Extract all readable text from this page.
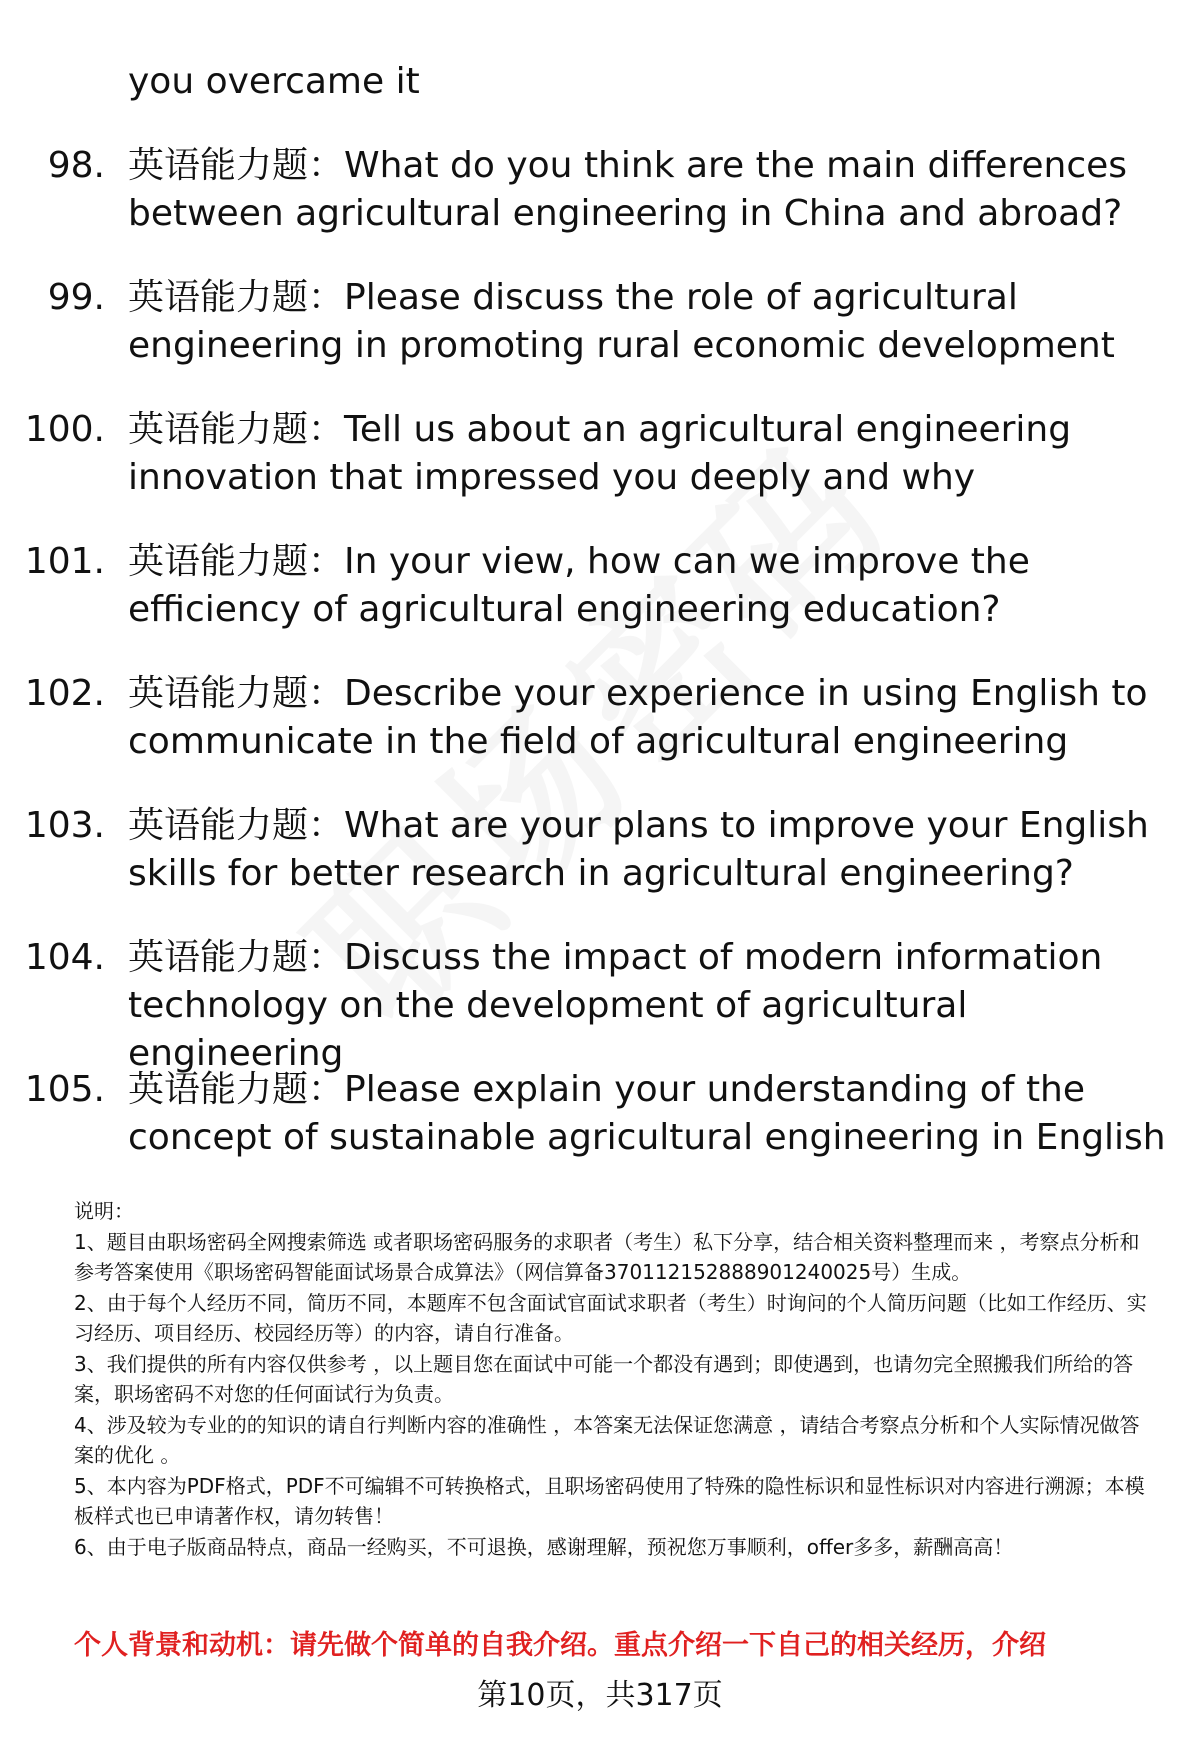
you overcame it
98. 英语能力题：What do you think are the main differences between agricultural engineering in China and abroad?
99. 英语能力题：Please discuss the role of agricultural engineering in promoting rural economic development
100. 英语能力题：Tell us about an agricultural engineering innovation that impressed you deeply and why
101. 英语能力题：In your view, how can we improve the efficiency of agricultural engineering education?
102. 英语能力题：Describe your experience in using English to communicate in the field of agricultural engineering
103. 英语能力题：What are your plans to improve your English skills for better research in agricultural engineering?
104. 英语能力题：Discuss the impact of modern information technology on the development of agricultural engineering
105. 英语能力题：Please explain your understanding of the concept of sustainable agricultural engineering in English
说明：
1、题目由职场密码全网搜索筛选 或者职场密码服务的求职者（考生）私下分享，结合相关资料整理而来 ，考察点分析和参考答案使用《职场密码智能面试场景合成算法》（网信算备370112152888901240025号）生成。
2、由于每个人经历不同，简历不同，本题库不包含面试官面试求职者（考生）时询问的个人简历问题（比如工作经历、实习经历、项目经历、校园经历等）的内容，请自行准备。
3、我们提供的所有内容仅供参考 ，以上题目您在面试中可能一个都没有遇到；即使遇到，也请勿完全照搬我们所给的答案，职场密码不对您的任何面试行为负责。
4、涉及较为专业的的知识的请自行判断内容的准确性 ，本答案无法保证您满意 ，请结合考察点分析和个人实际情况做答案的优化 。
5、本内容为PDF格式，PDF不可编辑不可转换格式，且职场密码使用了特殊的隐性标识和显性标识对内容进行溯源；本模板样式也已申请著作权，请勿转售！
6、由于电子版商品特点，商品一经购买，不可退换，感谢理解，预祝您万事顺利，offer多多，薪酬高高！
个人背景和动机：请先做个简单的自我介绍。重点介绍一下自己的相关经历，介绍
第10页，共317页
